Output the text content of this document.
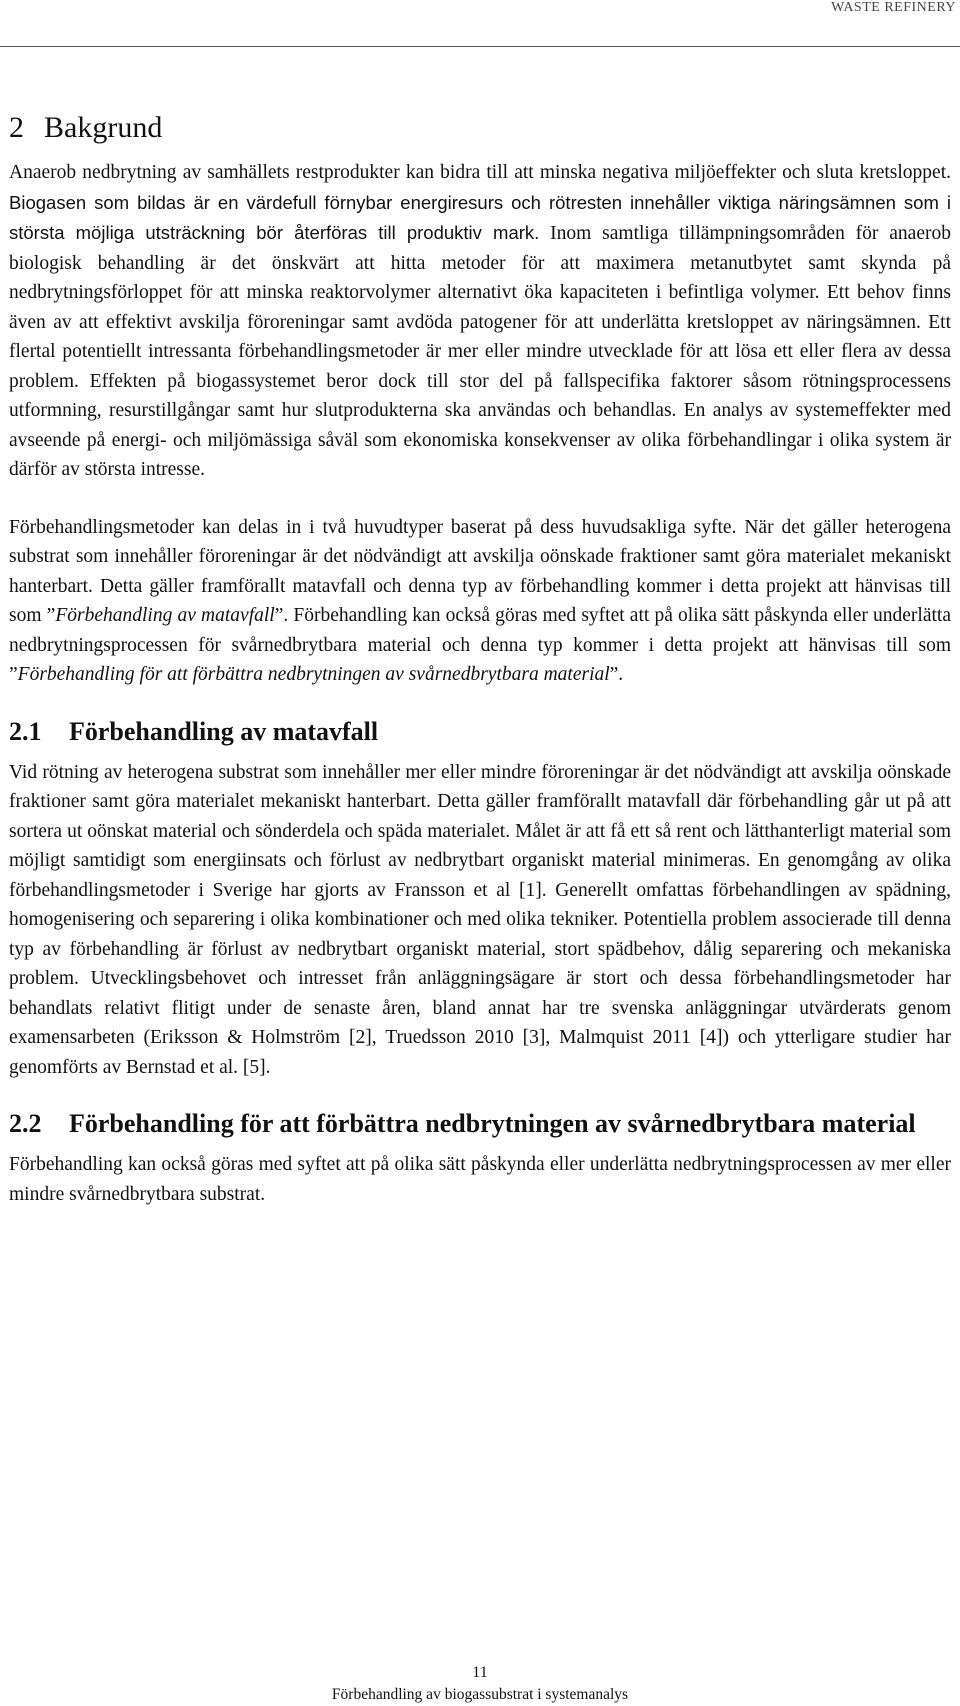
WASTE REFINERY
2 Bakgrund

Anaerob nedbrytning av samhällets restprodukter kan bidra till att minska negativa miljöeffekter och sluta kretsloppet. Biogasen som bildas är en värdefull förnybar energiresurs och rötresten innehåller viktiga näringsämnen som i största möjliga utsträckning bör återföras till produktiv mark. Inom samtliga tillämpningsområden för anaerob biologisk behandling är det önskvärt att hitta metoder för att maximera metanutbytet samt skynda på nedbrytningsförloppet för att minska reaktorvolymer alternativt öka kapaciteten i befintliga volymer. Ett behov finns även av att effektivt avskilja föroreningar samt avdöda patogener för att underlätta kretsloppet av näringsämnen. Ett flertal potentiellt intressanta förbehandlingsmetoder är mer eller mindre utvecklade för att lösa ett eller flera av dessa problem. Effekten på biogassystemet beror dock till stor del på fallspecifika faktorer såsom rötningsprocessens utformning, resurstillgångar samt hur slutprodukterna ska användas och behandlas. En analys av systemeffekter med avseende på energi- och miljömässiga såväl som ekonomiska konsekvenser av olika förbehandlingar i olika system är därför av största intresse.

Förbehandlingsmetoder kan delas in i två huvudtyper baserat på dess huvudsakliga syfte. När det gäller heterogena substrat som innehåller föroreningar är det nödvändigt att avskilja oönskade fraktioner samt göra materialet mekaniskt hanterbart. Detta gäller framförallt matavfall och denna typ av förbehandling kommer i detta projekt att hänvisas till som ”Förbehandling av matavfall”. Förbehandling kan också göras med syftet att på olika sätt påskynda eller underlätta nedbrytningsprocessen för svårnedbrytbara material och denna typ kommer i detta projekt att hänvisas till som ”Förbehandling för att förbättra nedbrytningen av svårnedbrytbara material”.

2.1	Förbehandling av matavfall

Vid rötning av heterogena substrat som innehåller mer eller mindre föroreningar är det nödvändigt att avskilja oönskade fraktioner samt göra materialet mekaniskt hanterbart. Detta gäller framförallt matavfall där förbehandling går ut på att sortera ut oönskat material och sönderdela och späda materialet. Målet är att få ett så rent och lätthanterligt material som möjligt samtidigt som energiinsats och förlust av nedbrytbart organiskt material minimeras. En genomgång av olika förbehandlingsmetoder i Sverige har gjorts av Fransson et al [1]. Generellt omfattas förbehandlingen av spädning, homogenisering och separering i olika kombinationer och med olika tekniker. Potentiella problem associerade till denna typ av förbehandling är förlust av nedbrytbart organiskt material, stort spädbehov, dålig separering och mekaniska problem. Utvecklingsbehovet och intresset från anläggningsägare är stort och dessa förbehandlingsmetoder har behandlats relativt flitigt under de senaste åren, bland annat har tre svenska anläggningar utvärderats genom examensarbeten (Eriksson & Holmström [2], Truedsson 2010 [3], Malmquist 2011 [4]) och ytterligare studier har genomförts av Bernstad et al. [5].

2.2	Förbehandling för att förbättra nedbrytningen av svårnedbrytbara material

Förbehandling kan också göras med syftet att på olika sätt påskynda eller underlätta nedbrytningsprocessen av mer eller mindre svårnedbrytbara substrat.

11
Förbehandling av biogassubstrat i systemanalys
